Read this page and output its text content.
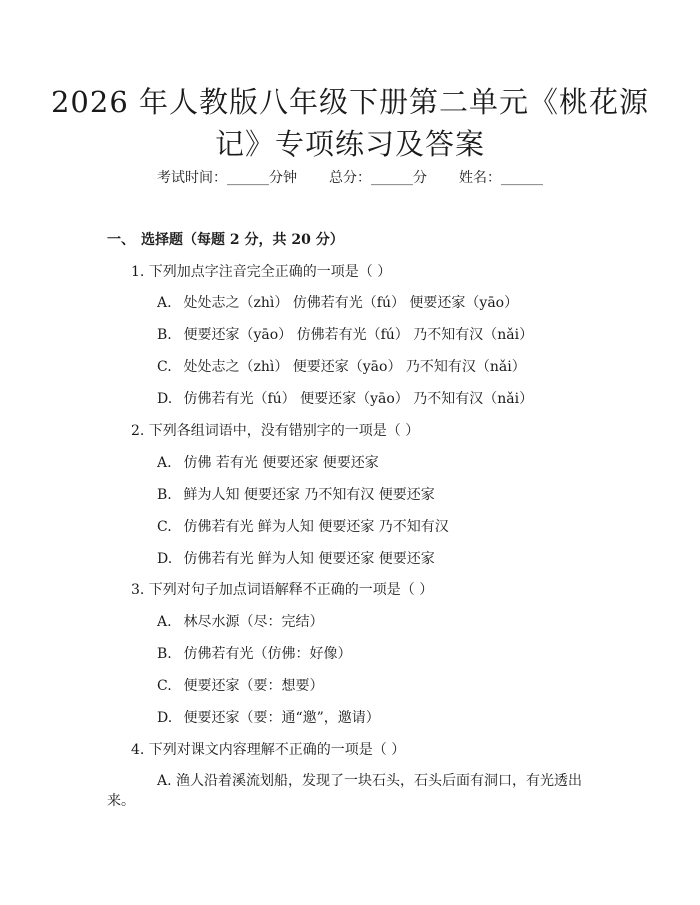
2026 年人教版八年级下册第二单元《桃花源
记》专项练习及答案
考试时间：______分钟 总分：______分 姓名：______
一、 选择题（每题 2 分，共 20 分）
1. 下列加点字注音完全正确的一项是（ ）
A. 处处志之（zhì） 仿佛若有光（fú） 便要还家（yāo）
B. 便要还家（yāo） 仿佛若有光（fú） 乃不知有汉（nǎi）
C. 处处志之（zhì） 便要还家（yāo） 乃不知有汉（nǎi）
D. 仿佛若有光（fú） 便要还家（yāo） 乃不知有汉（nǎi）
2. 下列各组词语中，没有错别字的一项是（ ）
A. 仿佛 若有光 便要还家 便要还家
B. 鲜为人知 便要还家 乃不知有汉 便要还家
C. 仿佛若有光 鲜为人知 便要还家 乃不知有汉
D. 仿佛若有光 鲜为人知 便要还家 便要还家
3. 下列对句子加点词语解释不正确的一项是（ ）
A. 林尽水源（尽：完结）
B. 仿佛若有光（仿佛：好像）
C. 便要还家（要：想要）
D. 便要还家（要：通“邀”，邀请）
4. 下列对课文内容理解不正确的一项是（ ）
A. 渔人沿着溪流划船，发现了一块石头，石头后面有洞口，有光透出来。
